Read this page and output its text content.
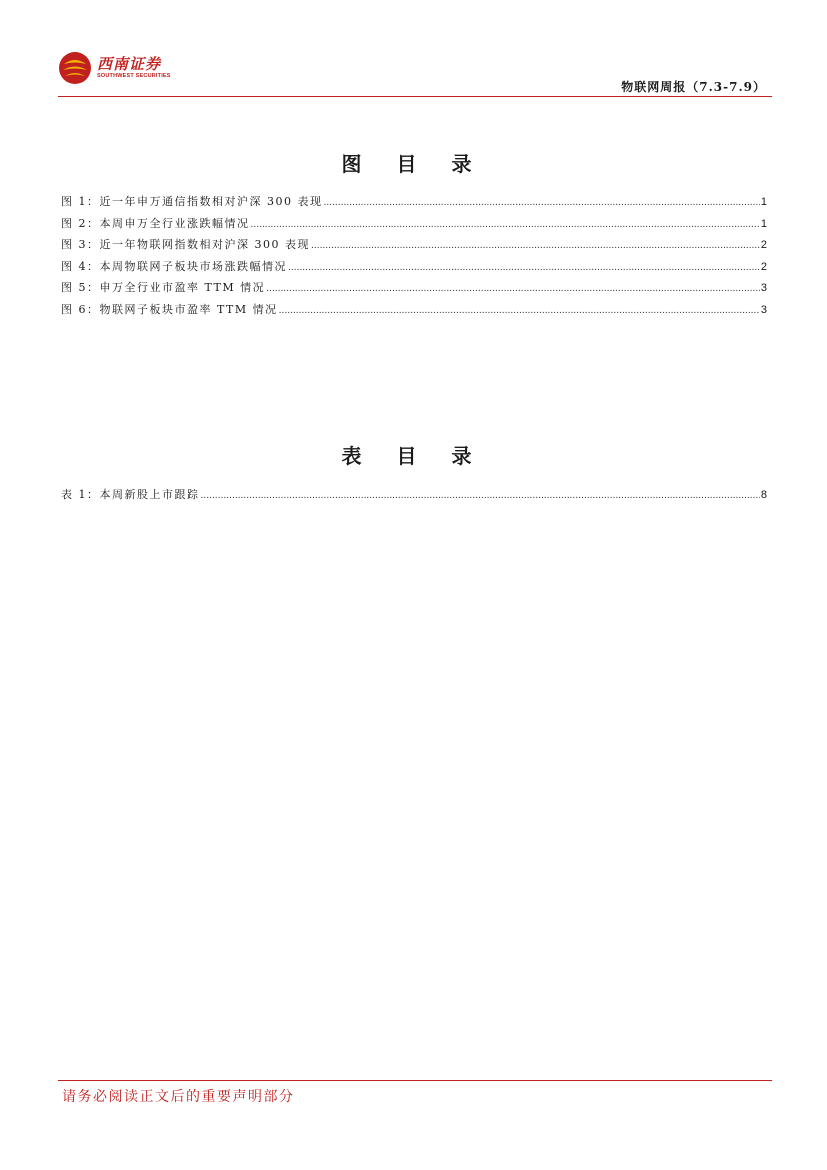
西南证券
SOUTHWEST SECURITIES
物联网周报（7.3-7.9）
图 目 录
图 1：近一年申万通信指数相对沪深 300 表现 .....	1
图 2：本周申万全行业涨跌幅情况 .....	1
图 3：近一年物联网指数相对沪深 300 表现 .....	2
图 4：本周物联网子板块市场涨跌幅情况 .....	2
图 5：申万全行业市盈率 TTM 情况 .....	3
图 6：物联网子板块市盈率 TTM 情况 .....	3
表 目 录
表 1：本周新股上市跟踪 .....	8
请务必阅读正文后的重要声明部分
